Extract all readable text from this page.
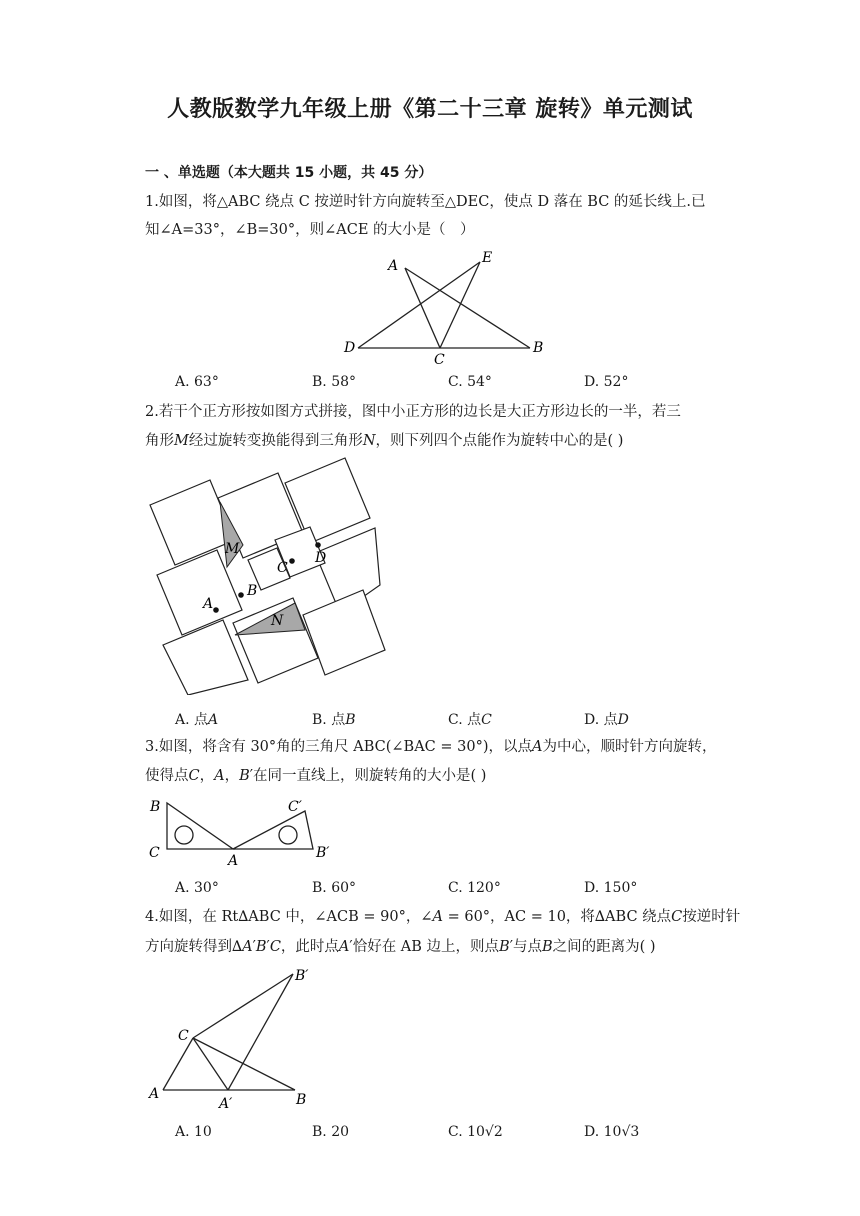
人教版数学九年级上册《第二十三章 旋转》单元测试
一 、单选题（本大题共 15 小题，共 45 分）
1.如图，将△ABC 绕点 C 按逆时针方向旋转至△DEC，使点 D 落在 BC 的延长线上.已
知∠A=33°，∠B=30°，则∠ACE 的大小是（　）
A	E
D
C
B
A. 63°	B. 58°	C. 54°	D. 52°
2.若干个正方形按如图方式拼接，图中小正方形的边长是大正方形边长的一半，若三
角形𝑀经过旋转变换能得到三角形𝑁，则下列四个点能作为旋转中心的是( )
M
N
A
B
C
D
A. 点𝐴	B. 点𝐵	C. 点𝐶	D. 点𝐷
3.如图，将含有 30°角的三角尺 ABC(∠BAC = 30°)，以点𝐴为中心，顺时针方向旋转，
使得点𝐶，𝐴，𝐵′在同一直线上，则旋转角的大小是( )
B
C	A
C′
B′
A. 30°	B. 60°	C. 120°	D. 150°
4.如图，在 Rt∆ABC 中，∠ACB = 90°，∠𝐴 = 60°，AC = 10，将∆ABC 绕点𝐶按逆时针
方向旋转得到∆𝐴′𝐵′𝐶，此时点𝐴′恰好在 AB 边上，则点𝐵′与点𝐵之间的距离为( )
B′
C
A
A′	B
A. 10	B. 20	C. 10√2	D. 10√3
